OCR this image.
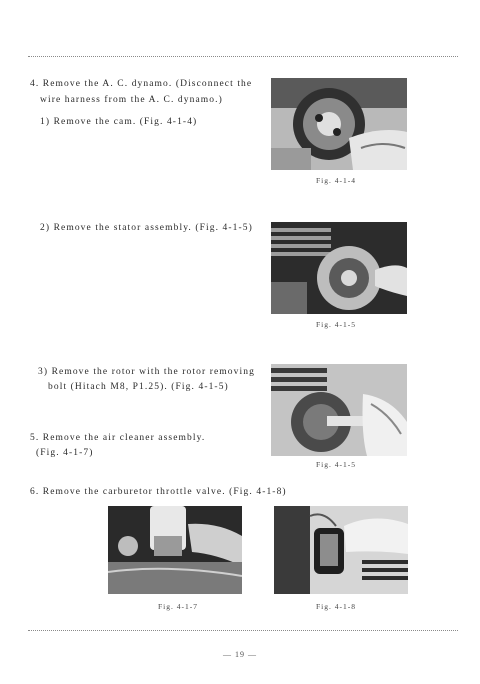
4. Remove the A. C. dynamo. (Disconnect the
wire harness from the A. C. dynamo.)
1) Remove the cam. (Fig. 4-1-4)
Fig. 4-1-4
2) Remove the stator assembly. (Fig. 4-1-5)
Fig. 4-1-5
3) Remove the rotor with the rotor removing
bolt (Hitach M8, P1.25). (Fig. 4-1-5)
Fig. 4-1-5
5. Remove the air cleaner assembly.
(Fig. 4-1-7)
6. Remove the carburetor throttle valve. (Fig. 4-1-8)
Fig. 4-1-7	Fig. 4-1-8
— 19 —
